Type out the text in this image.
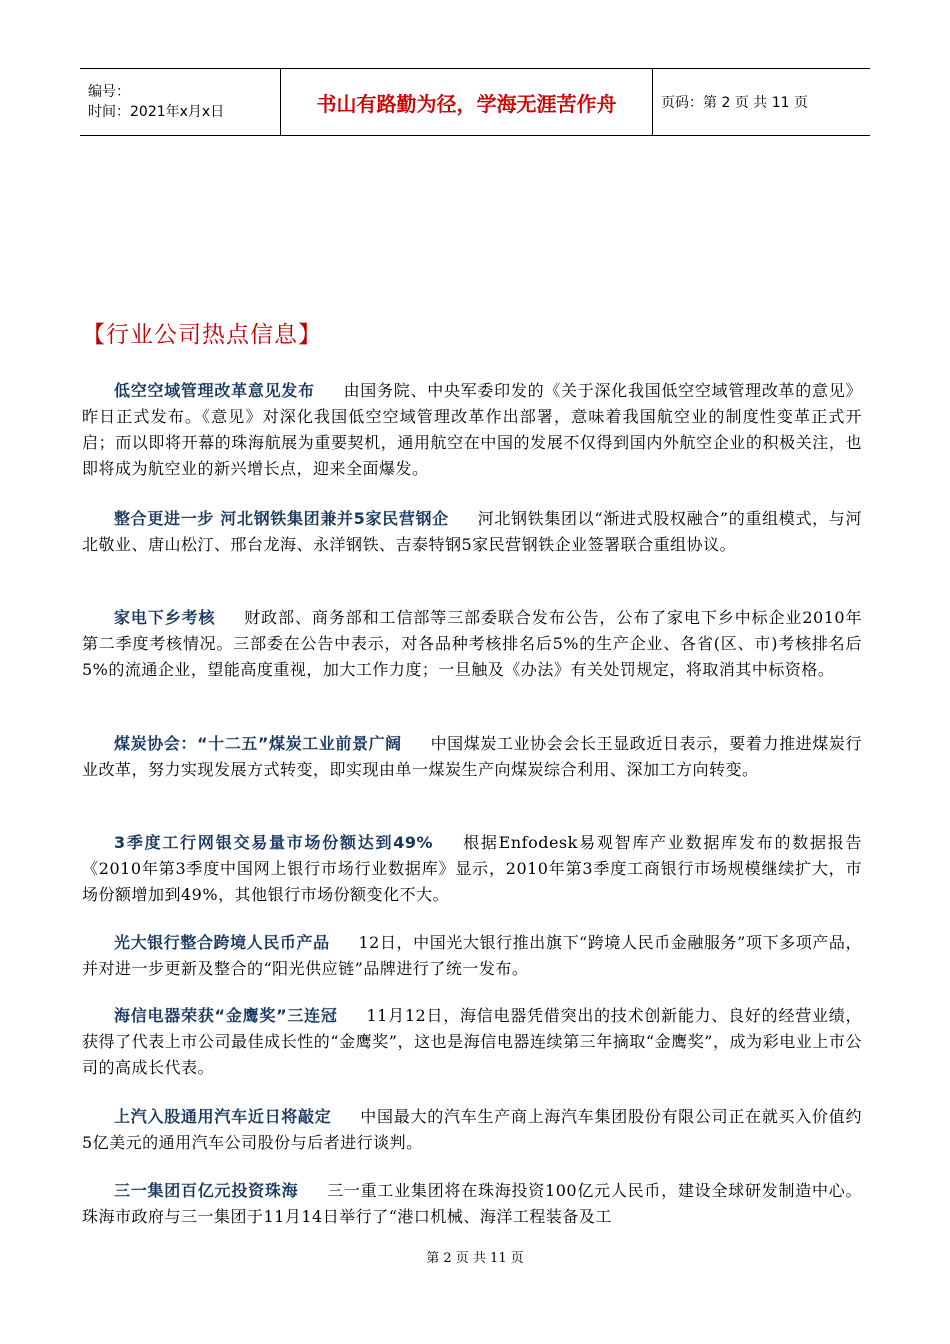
编号：
时间：2021年x月x日	书山有路勤为径，学海无涯苦作舟	页码：第 2 页 共 11 页
【行业公司热点信息】

低空空域管理改革意见发布 由国务院、中央军委印发的《关于深化我国低空空域管理改革的意见》昨日正式发布。《意见》对深化我国低空空域管理改革作出部署，意味着我国航空业的制度性变革正式开启；而以即将开幕的珠海航展为重要契机，通用航空在中国的发展不仅得到国内外航空企业的积极关注，也即将成为航空业的新兴增长点，迎来全面爆发。

整合更进一步 河北钢铁集团兼并5家民营钢企 河北钢铁集团以“渐进式股权融合”的重组模式，与河北敬业、唐山松汀、邢台龙海、永洋钢铁、吉泰特钢5家民营钢铁企业签署联合重组协议。

家电下乡考核 财政部、商务部和工信部等三部委联合发布公告，公布了家电下乡中标企业2010年第二季度考核情况。三部委在公告中表示，对各品种考核排名后5%的生产企业、各省(区、市)考核排名后5%的流通企业，望能高度重视，加大工作力度；一旦触及《办法》有关处罚规定，将取消其中标资格。

煤炭协会：“十二五”煤炭工业前景广阔 中国煤炭工业协会会长王显政近日表示，要着力推进煤炭行业改革，努力实现发展方式转变，即实现由单一煤炭生产向煤炭综合利用、深加工方向转变。

3季度工行网银交易量市场份额达到49% 根据Enfodesk易观智库产业数据库发布的数据报告《2010年第3季度中国网上银行市场行业数据库》显示，2010年第3季度工商银行市场规模继续扩大，市场份额增加到49%，其他银行市场份额变化不大。

光大银行整合跨境人民币产品 12日，中国光大银行推出旗下“跨境人民币金融服务”项下多项产品，并对进一步更新及整合的“阳光供应链”品牌进行了统一发布。

海信电器荣获“金鹰奖”三连冠 11月12日，海信电器凭借突出的技术创新能力、良好的经营业绩，获得了代表上市公司最佳成长性的“金鹰奖”，这也是海信电器连续第三年摘取“金鹰奖”，成为彩电业上市公司的高成长代表。

上汽入股通用汽车近日将敲定 中国最大的汽车生产商上海汽车集团股份有限公司正在就买入价值约5亿美元的通用汽车公司股份与后者进行谈判。

三一集团百亿元投资珠海 三一重工业集团将在珠海投资100亿元人民币，建设全球研发制造中心。珠海市政府与三一集团于11月14日举行了“港口机械、海洋工程装备及工

第 2 页 共 11 页
